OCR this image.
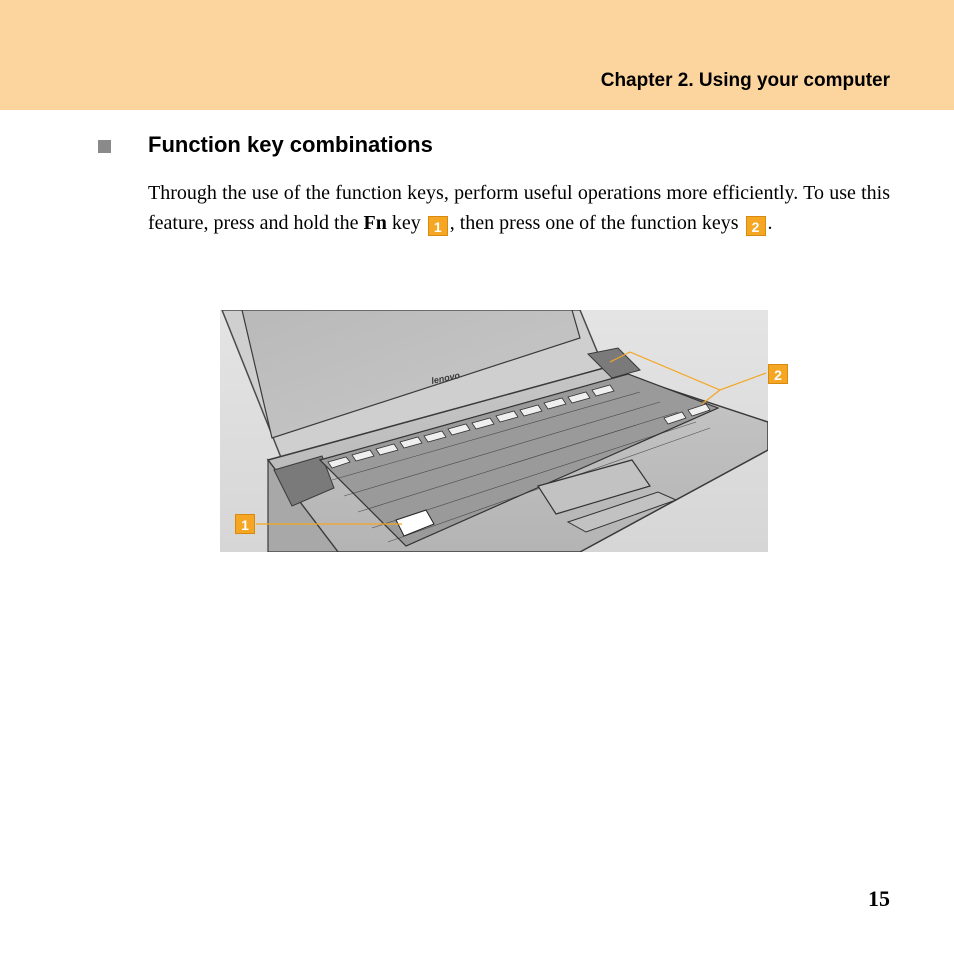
Chapter 2. Using your computer
Function key combinations
Through the use of the function keys, perform useful operations more efficiently. To use this feature, press and hold the Fn key 1 , then press one of the function keys 2 .
lenovo
1
2
15
